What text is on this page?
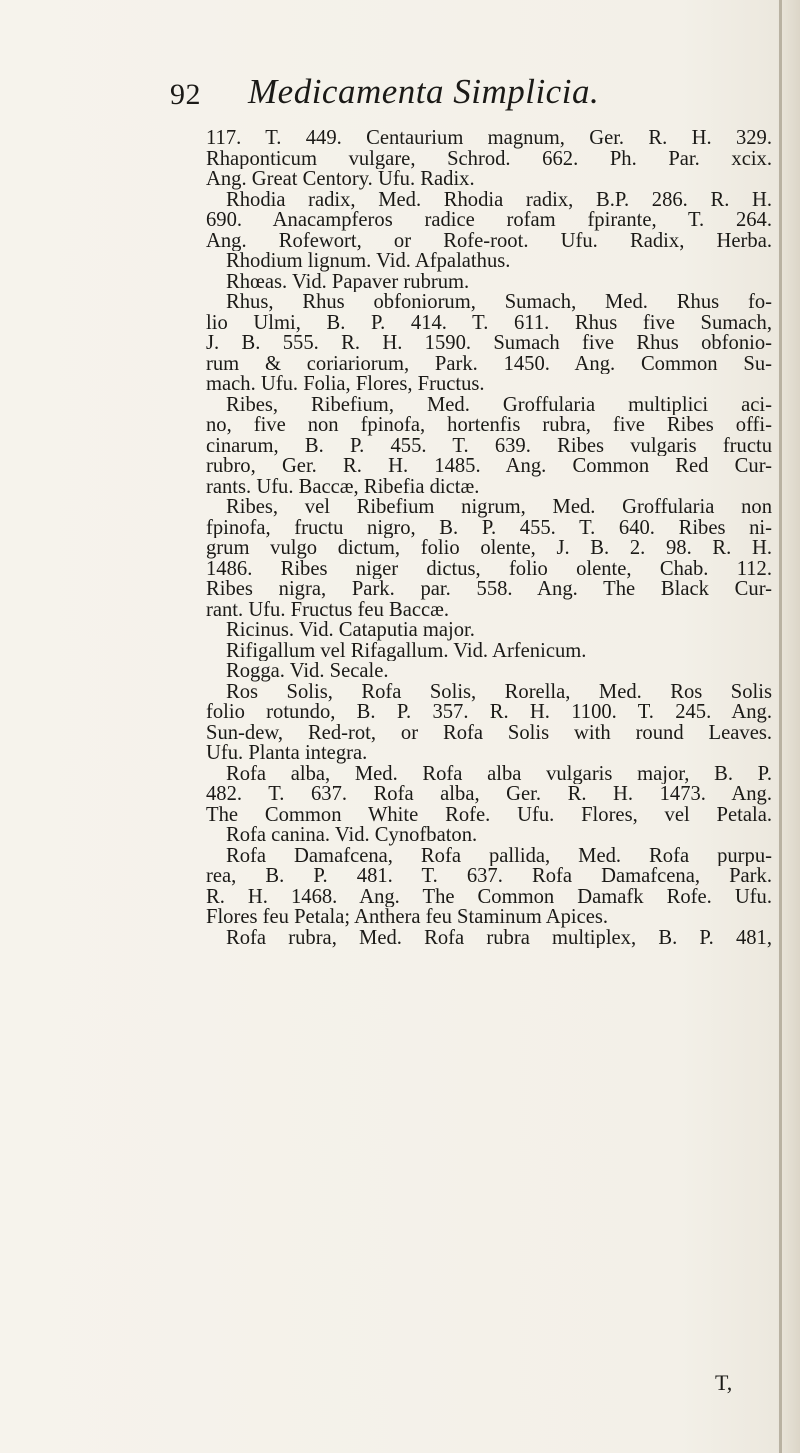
92 Medicamenta Simplicia.
117. T. 449. Centaurium magnum, Ger. R. H. 329.
Rhaponticum vulgare, Schrod. 662. Ph. Par. xcix.
Ang. Great Centory. Ufu. Radix.
Rhodia radix, Med. Rhodia radix, B.P. 286. R. H.
690. Anacampferos radice rofam fpirante, T. 264.
Ang. Rofewort, or Rofe-root. Ufu. Radix, Herba.
Rhodium lignum. Vid. Afpalathus.
Rhœas. Vid. Papaver rubrum.
Rhus, Rhus obfoniorum, Sumach, Med. Rhus fo-
lio Ulmi, B. P. 414. T. 611. Rhus five Sumach,
J. B. 555. R. H. 1590. Sumach five Rhus obfonio-
rum & coriariorum, Park. 1450. Ang. Common Su-
mach. Ufu. Folia, Flores, Fructus.
Ribes, Ribefium, Med. Groffularia multiplici aci-
no, five non fpinofa, hortenfis rubra, five Ribes offi-
cinarum, B. P. 455. T. 639. Ribes vulgaris fructu
rubro, Ger. R. H. 1485. Ang. Common Red Cur-
rants. Ufu. Baccæ, Ribefia dictæ.
Ribes, vel Ribefium nigrum, Med. Groffularia non
fpinofa, fructu nigro, B. P. 455. T. 640. Ribes ni-
grum vulgo dictum, folio olente, J. B. 2. 98. R. H.
1486. Ribes niger dictus, folio olente, Chab. 112.
Ribes nigra, Park. par. 558. Ang. The Black Cur-
rant. Ufu. Fructus feu Baccæ.
Ricinus. Vid. Cataputia major.
Rifigallum vel Rifagallum. Vid. Arfenicum.
Rogga. Vid. Secale.
Ros Solis, Rofa Solis, Rorella, Med. Ros Solis
folio rotundo, B. P. 357. R. H. 1100. T. 245. Ang.
Sun-dew, Red-rot, or Rofa Solis with round Leaves.
Ufu. Planta integra.
Rofa alba, Med. Rofa alba vulgaris major, B. P.
482. T. 637. Rofa alba, Ger. R. H. 1473. Ang.
The Common White Rofe. Ufu. Flores, vel Petala.
Rofa canina. Vid. Cynofbaton.
Rofa Damafcena, Rofa pallida, Med. Rofa purpu-
rea, B. P. 481. T. 637. Rofa Damafcena, Park.
R. H. 1468. Ang. The Common Damafk Rofe. Ufu.
Flores feu Petala; Anthera feu Staminum Apices.
Rofa rubra, Med. Rofa rubra multiplex, B. P. 481,
T,
